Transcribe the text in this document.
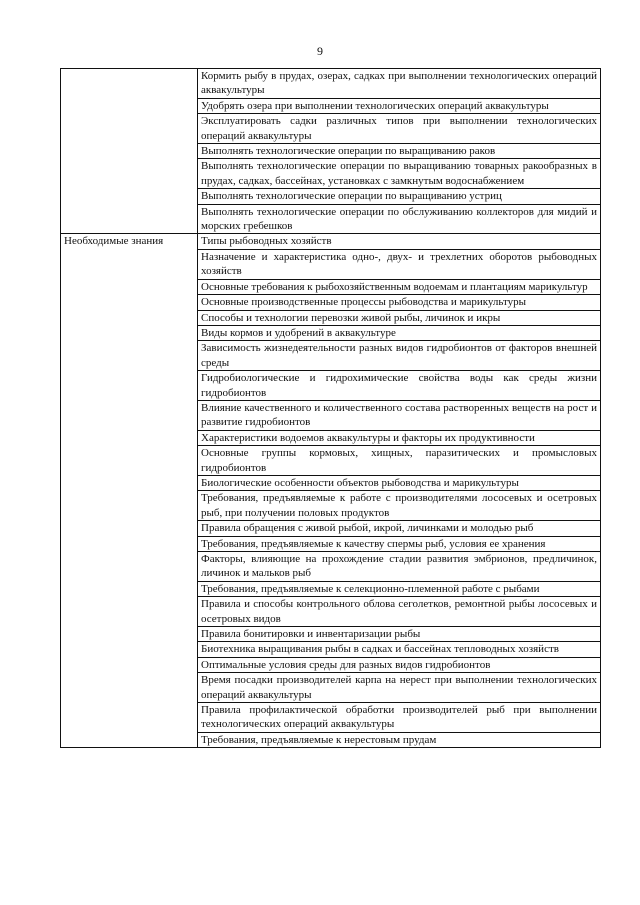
9
	Кормить рыбу в прудах, озерах, садках при выполнении технологических операций аквакультуры
	Удобрять озера при выполнении технологических операций аквакультуры
	Эксплуатировать садки различных типов при выполнении технологических операций аквакультуры
	Выполнять технологические операции по выращиванию раков
	Выполнять технологические операции по выращиванию товарных ракообразных в прудах, садках, бассейнах, установках с замкнутым водоснабжением
	Выполнять технологические операции по выращиванию устриц
	Выполнять технологические операции по обслуживанию коллекторов для мидий и морских гребешков
Необходимые знания	Типы рыбоводных хозяйств
	Назначение и характеристика одно-, двух- и трехлетних оборотов рыбоводных хозяйств
	Основные требования к рыбохозяйственным водоемам и плантациям марикультур
	Основные производственные процессы рыбоводства и марикультуры
	Способы и технологии перевозки живой рыбы, личинок и икры
	Виды кормов и удобрений в аквакультуре
	Зависимость жизнедеятельности разных видов гидробионтов от факторов внешней среды
	Гидробиологические и гидрохимические свойства воды как среды жизни гидробионтов
	Влияние качественного и количественного состава растворенных веществ на рост и развитие гидробионтов
	Характеристики водоемов аквакультуры и факторы их продуктивности
	Основные группы кормовых, хищных, паразитических и промысловых гидробионтов
	Биологические особенности объектов рыбоводства и марикультуры
	Требования, предъявляемые к работе с производителями лососевых и осетровых рыб, при получении половых продуктов
	Правила обращения с живой рыбой, икрой, личинками и молодью рыб
	Требования, предъявляемые к качеству спермы рыб, условия ее хранения
	Факторы, влияющие на прохождение стадии развития эмбрионов, предличинок, личинок и мальков рыб
	Требования, предъявляемые к селекционно-племенной работе с рыбами
	Правила и способы контрольного облова сеголетков, ремонтной рыбы лососевых и осетровых видов
	Правила бонитировки и инвентаризации рыбы
	Биотехника выращивания рыбы в садках и бассейнах тепловодных хозяйств
	Оптимальные условия среды для разных видов гидробионтов
	Время посадки производителей карпа на нерест при выполнении технологических операций аквакультуры
	Правила профилактической обработки производителей рыб при выполнении технологических операций аквакультуры
	Требования, предъявляемые к нерестовым прудам
